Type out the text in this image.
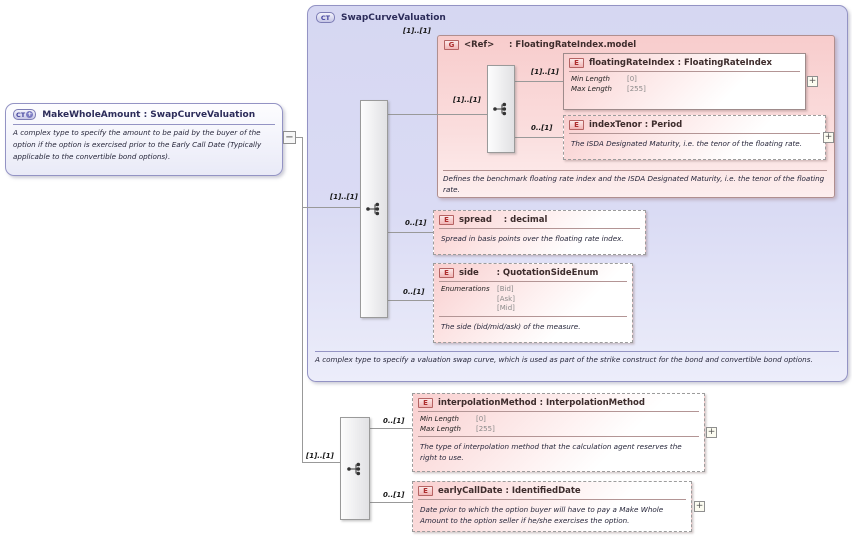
CT SwapCurveValuation
A complex type to specify a valuation swap curve, which is used as part of the strike construct for the bond and convertible bond options.
CT + MakeWholeAmount : SwapCurveValuation
A complex type to specify the amount to be paid by the buyer of the option if the option is exercised prior to the Early Call Date (Typically applicable to the convertible bond options).
−
G <Ref>     : FloatingRateIndex.model
Defines the benchmark floating rate index and the ISDA Designated Maturity, i.e. the tenor of the floating rate.
E floatingRateIndex : FloatingRateIndex
Min Length	[0]
Max Length	[255]
+
E indexTenor : Period
The ISDA Designated Maturity, i.e. the tenor of the floating rate.
+
E spread    : decimal
Spread in basis points over the floating rate index.
E side      : QuotationSideEnum
Enumerations	[Bid]
[Ask]
[Mid]
The side (bid/mid/ask) of the measure.
E interpolationMethod : InterpolationMethod
Min Length	[0]
Max Length	[255]
The type of interpolation method that the calculation agent reserves the right to use.
+
E earlyCallDate : IdentifiedDate
Date prior to which the option buyer will have to pay a Make Whole Amount to the option seller if he/she exercises the option.
+
[1]..[1]
[1]..[1]
[1]..[1]
[1]..[1]
0..[1]
0..[1]
0..[1]
[1]..[1]
0..[1]
0..[1]
